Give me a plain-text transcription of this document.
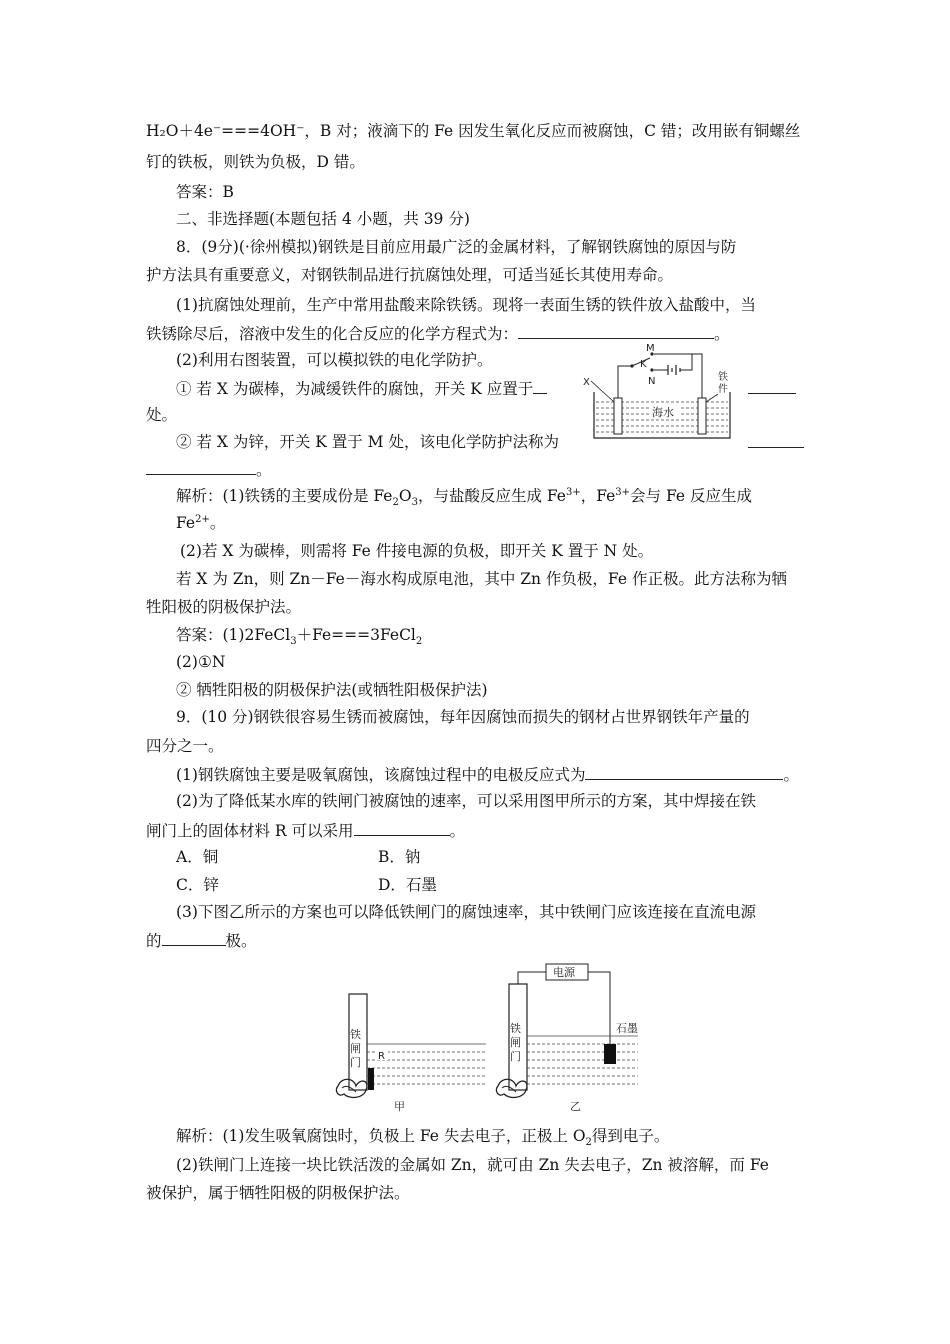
H₂O＋4e⁻===4OH⁻，B 对；液滴下的 Fe 因发生氧化反应而被腐蚀，C 错；改用嵌有铜螺丝
钉的铁板，则铁为负极，D 错。
答案：B
二、非选择题(本题包括 4 小题，共 39 分)
8．(9分)(·徐州模拟)钢铁是目前应用最广泛的金属材料，了解钢铁腐蚀的原因与防
护方法具有重要意义，对钢铁制品进行抗腐蚀处理，可适当延长其使用寿命。
(1)抗腐蚀处理前，生产中常用盐酸来除铁锈。现将一表面生锈的铁件放入盐酸中，当
铁锈除尽后，溶液中发生的化合反应的化学方程式为：	。
(2)利用右图装置，可以模拟铁的电化学防护。
① 若 X 为碳棒，为减缓铁件的腐蚀，开关 K 应置于
处。
② 若 X 为锌，开关 K 置于 M 处，该电化学防护法称为
。
解析：(1)铁锈的主要成份是 $Fe_2O_3$，与盐酸反应生成 $Fe^{3+}$，$Fe^{3+}$会与 Fe 反应生成
$Fe^{2+}$。
(2)若 X 为碳棒，则需将 Fe 件接电源的负极，即开关 K 置于 N 处。
若 X 为 Zn，则 Zn－Fe－海水构成原电池，其中 Zn 作负极，Fe 作正极。此方法称为牺
牲阳极的阴极保护法。
答案：(1)2FeCl$_3$＋Fe===3FeCl$_2$
(2)①N
② 牺牲阳极的阴极保护法(或牺牲阳极保护法)
9．(10 分)钢铁很容易生锈而被腐蚀，每年因腐蚀而损失的钢材占世界钢铁年产量的
四分之一。
(1)钢铁腐蚀主要是吸氧腐蚀，该腐蚀过程中的电极反应式为	。
(2)为了降低某水库的铁闸门被腐蚀的速率，可以采用图甲所示的方案，其中焊接在铁
闸门上的固体材料 R 可以采用	。
A．铜	B．钠
C．锌	D．石墨
(3)下图乙所示的方案也可以降低铁闸门的腐蚀速率，其中铁闸门应该连接在直流电源
的	极。
解析：(1)发生吸氧腐蚀时，负极上 Fe 失去电子，正极上 $O_2$得到电子。
(2)铁闸门上连接一块比铁活泼的金属如 Zn，就可由 Zn 失去电子，Zn 被溶解，而 Fe
被保护，属于牺牲阳极的阴极保护法。
M
K
N
X	铁
件
海水
铁
闸
门 R
甲
铁
闸
门
电源
石墨
乙
